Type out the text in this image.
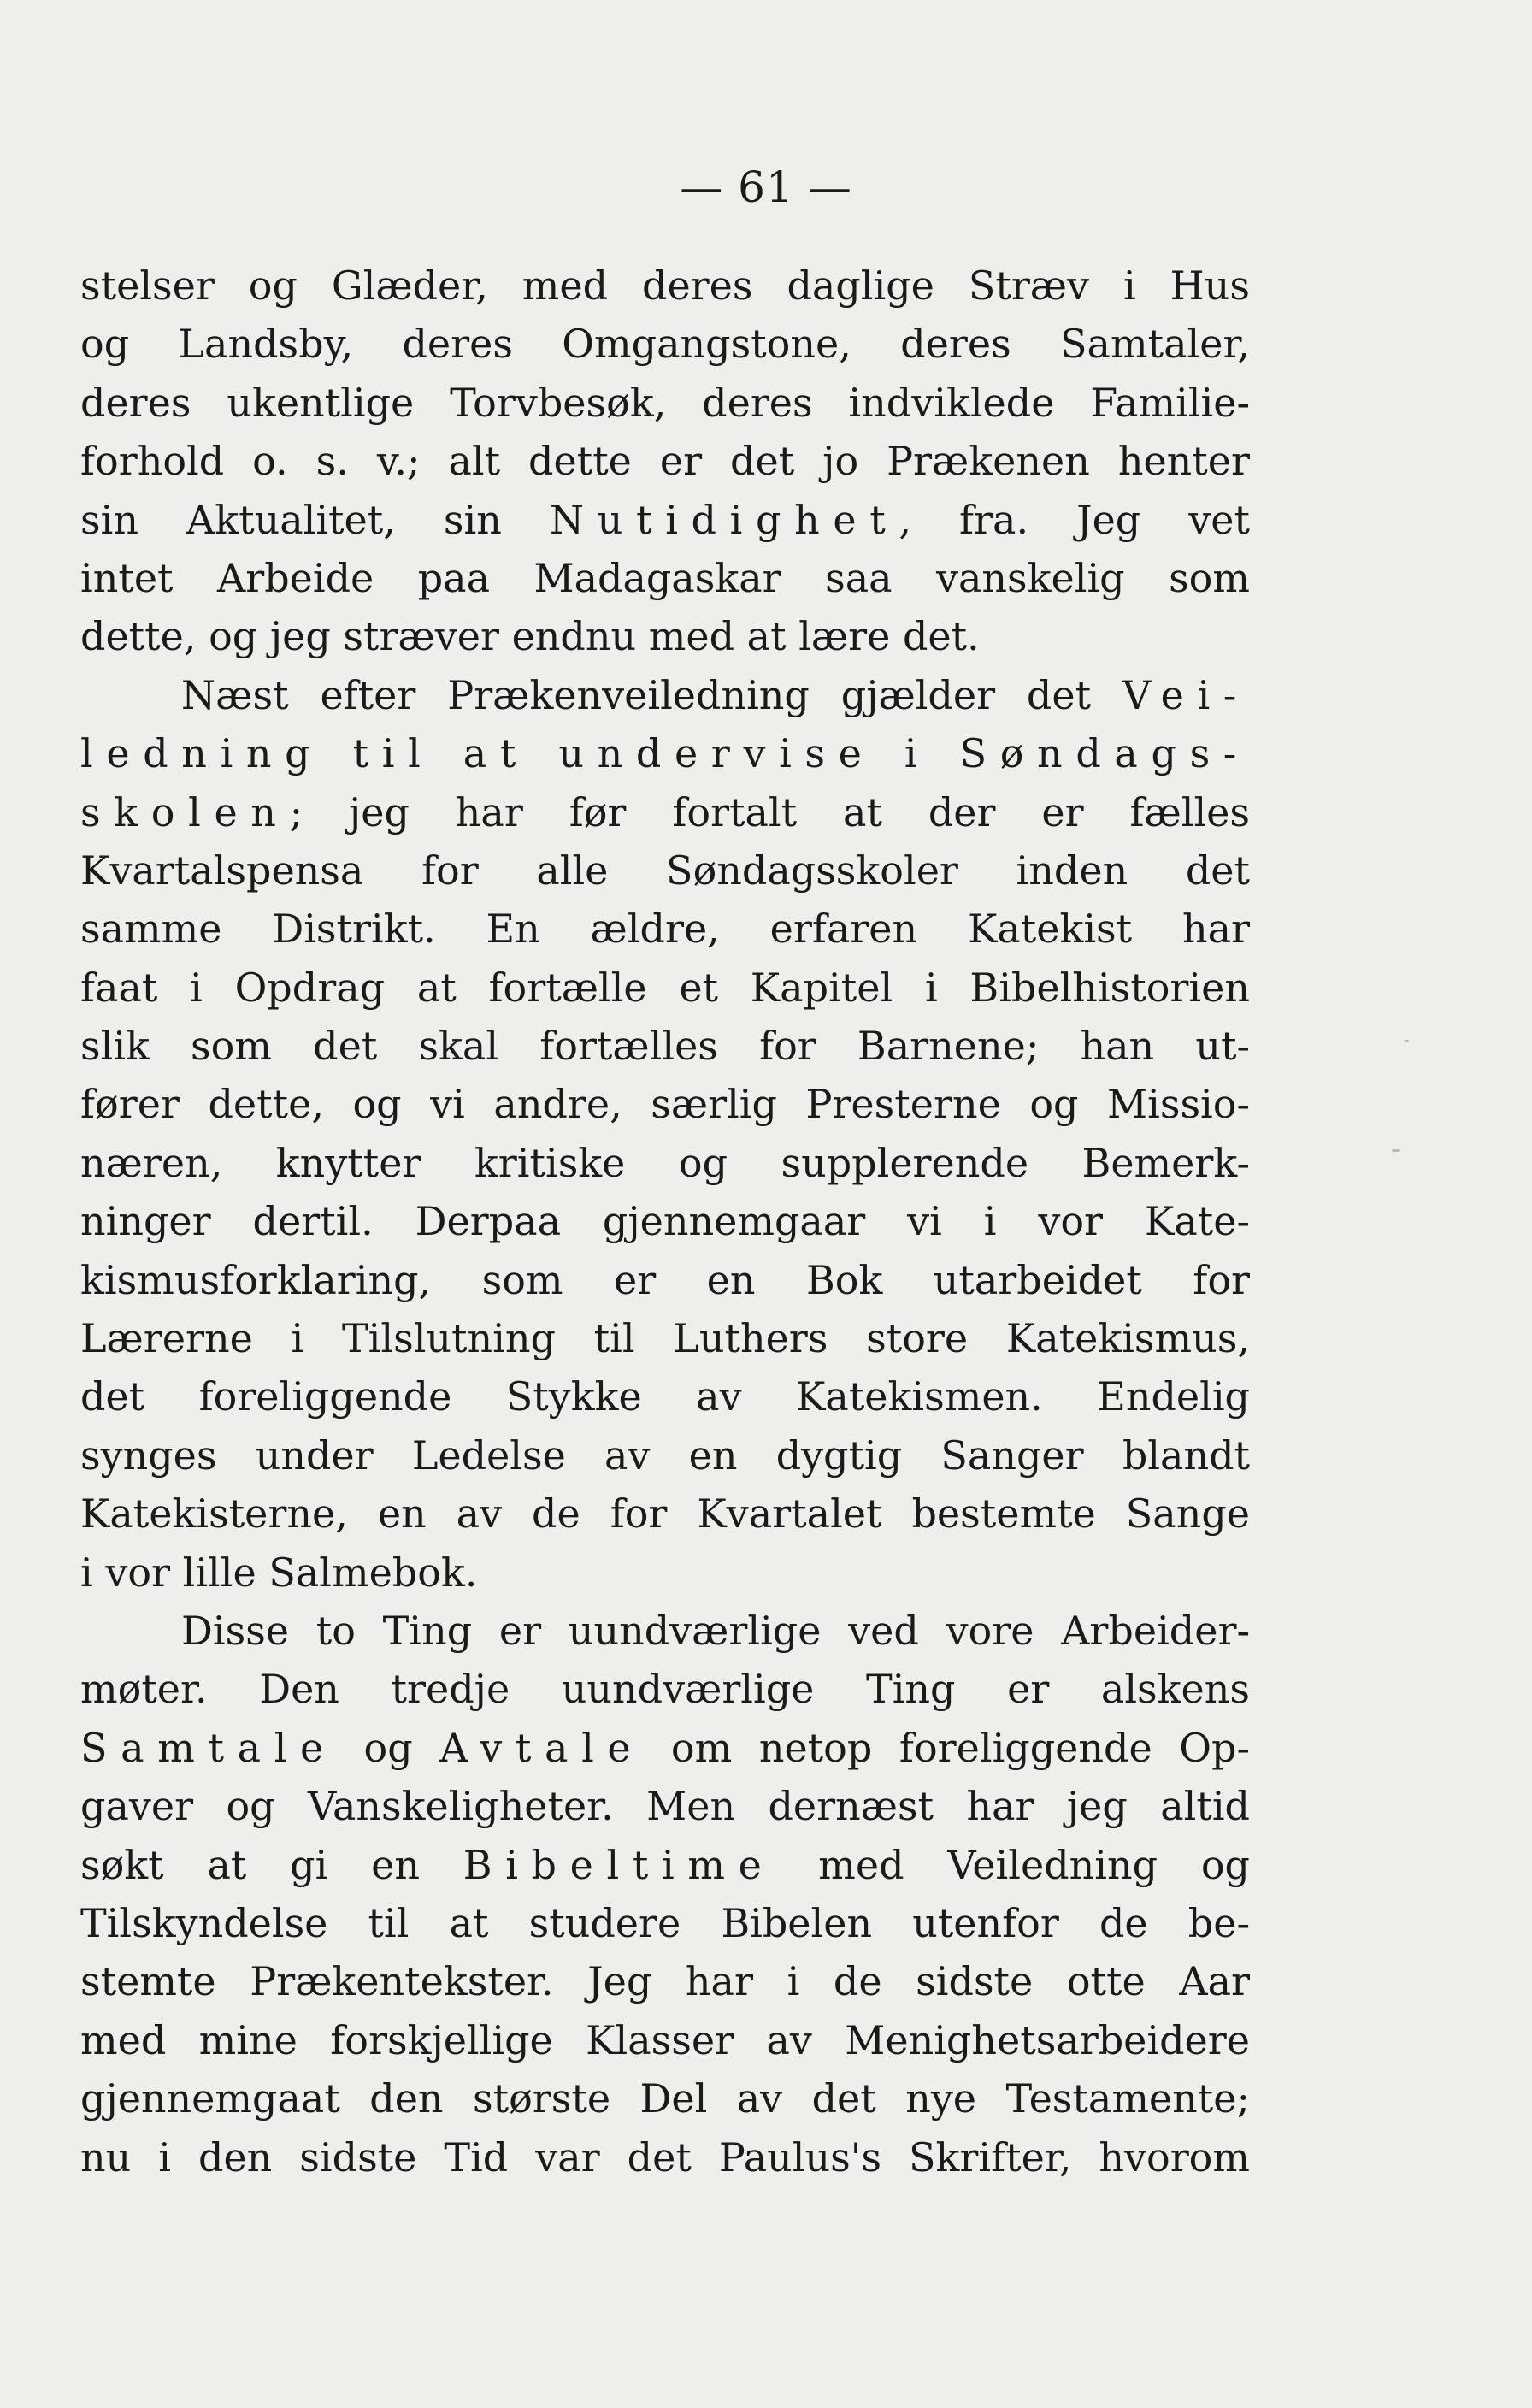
— 61 —
stelser og Glæder, med deres daglige Stræv i Hus
og Landsby, deres Omgangstone, deres Samtaler,
deres ukentlige Torvbesøk, deres indviklede Familie-
forhold o. s. v.; alt dette er det jo Prækenen henter
sin Aktualitet, sin Nutidighet, fra. Jeg vet
intet Arbeide paa Madagaskar saa vanskelig som
dette, og jeg stræver endnu med at lære det.
Næst efter Prækenveiledning gjælder det Vei-
ledning til at undervise i Søndags-
skolen; jeg har før fortalt at der er fælles
Kvartalspensa for alle Søndagsskoler inden det
samme Distrikt. En ældre, erfaren Katekist har
faat i Opdrag at fortælle et Kapitel i Bibelhistorien
slik som det skal fortælles for Barnene; han ut-
fører dette, og vi andre, særlig Presterne og Missio-
næren, knytter kritiske og supplerende Bemerk-
ninger dertil. Derpaa gjennemgaar vi i vor Kate-
kismusforklaring, som er en Bok utarbeidet for
Lærerne i Tilslutning til Luthers store Katekismus,
det foreliggende Stykke av Katekismen. Endelig
synges under Ledelse av en dygtig Sanger blandt
Katekisterne, en av de for Kvartalet bestemte Sange
i vor lille Salmebok.
Disse to Ting er uundværlige ved vore Arbeider-
møter. Den tredje uundværlige Ting er alskens
Samtale og Avtale om netop foreliggende Op-
gaver og Vanskeligheter. Men dernæst har jeg altid
søkt at gi en Bibeltime med Veiledning og
Tilskyndelse til at studere Bibelen utenfor de be-
stemte Prækentekster. Jeg har i de sidste otte Aar
med mine forskjellige Klasser av Menighetsarbeidere
gjennemgaat den største Del av det nye Testamente;
nu i den sidste Tid var det Paulus's Skrifter, hvorom
